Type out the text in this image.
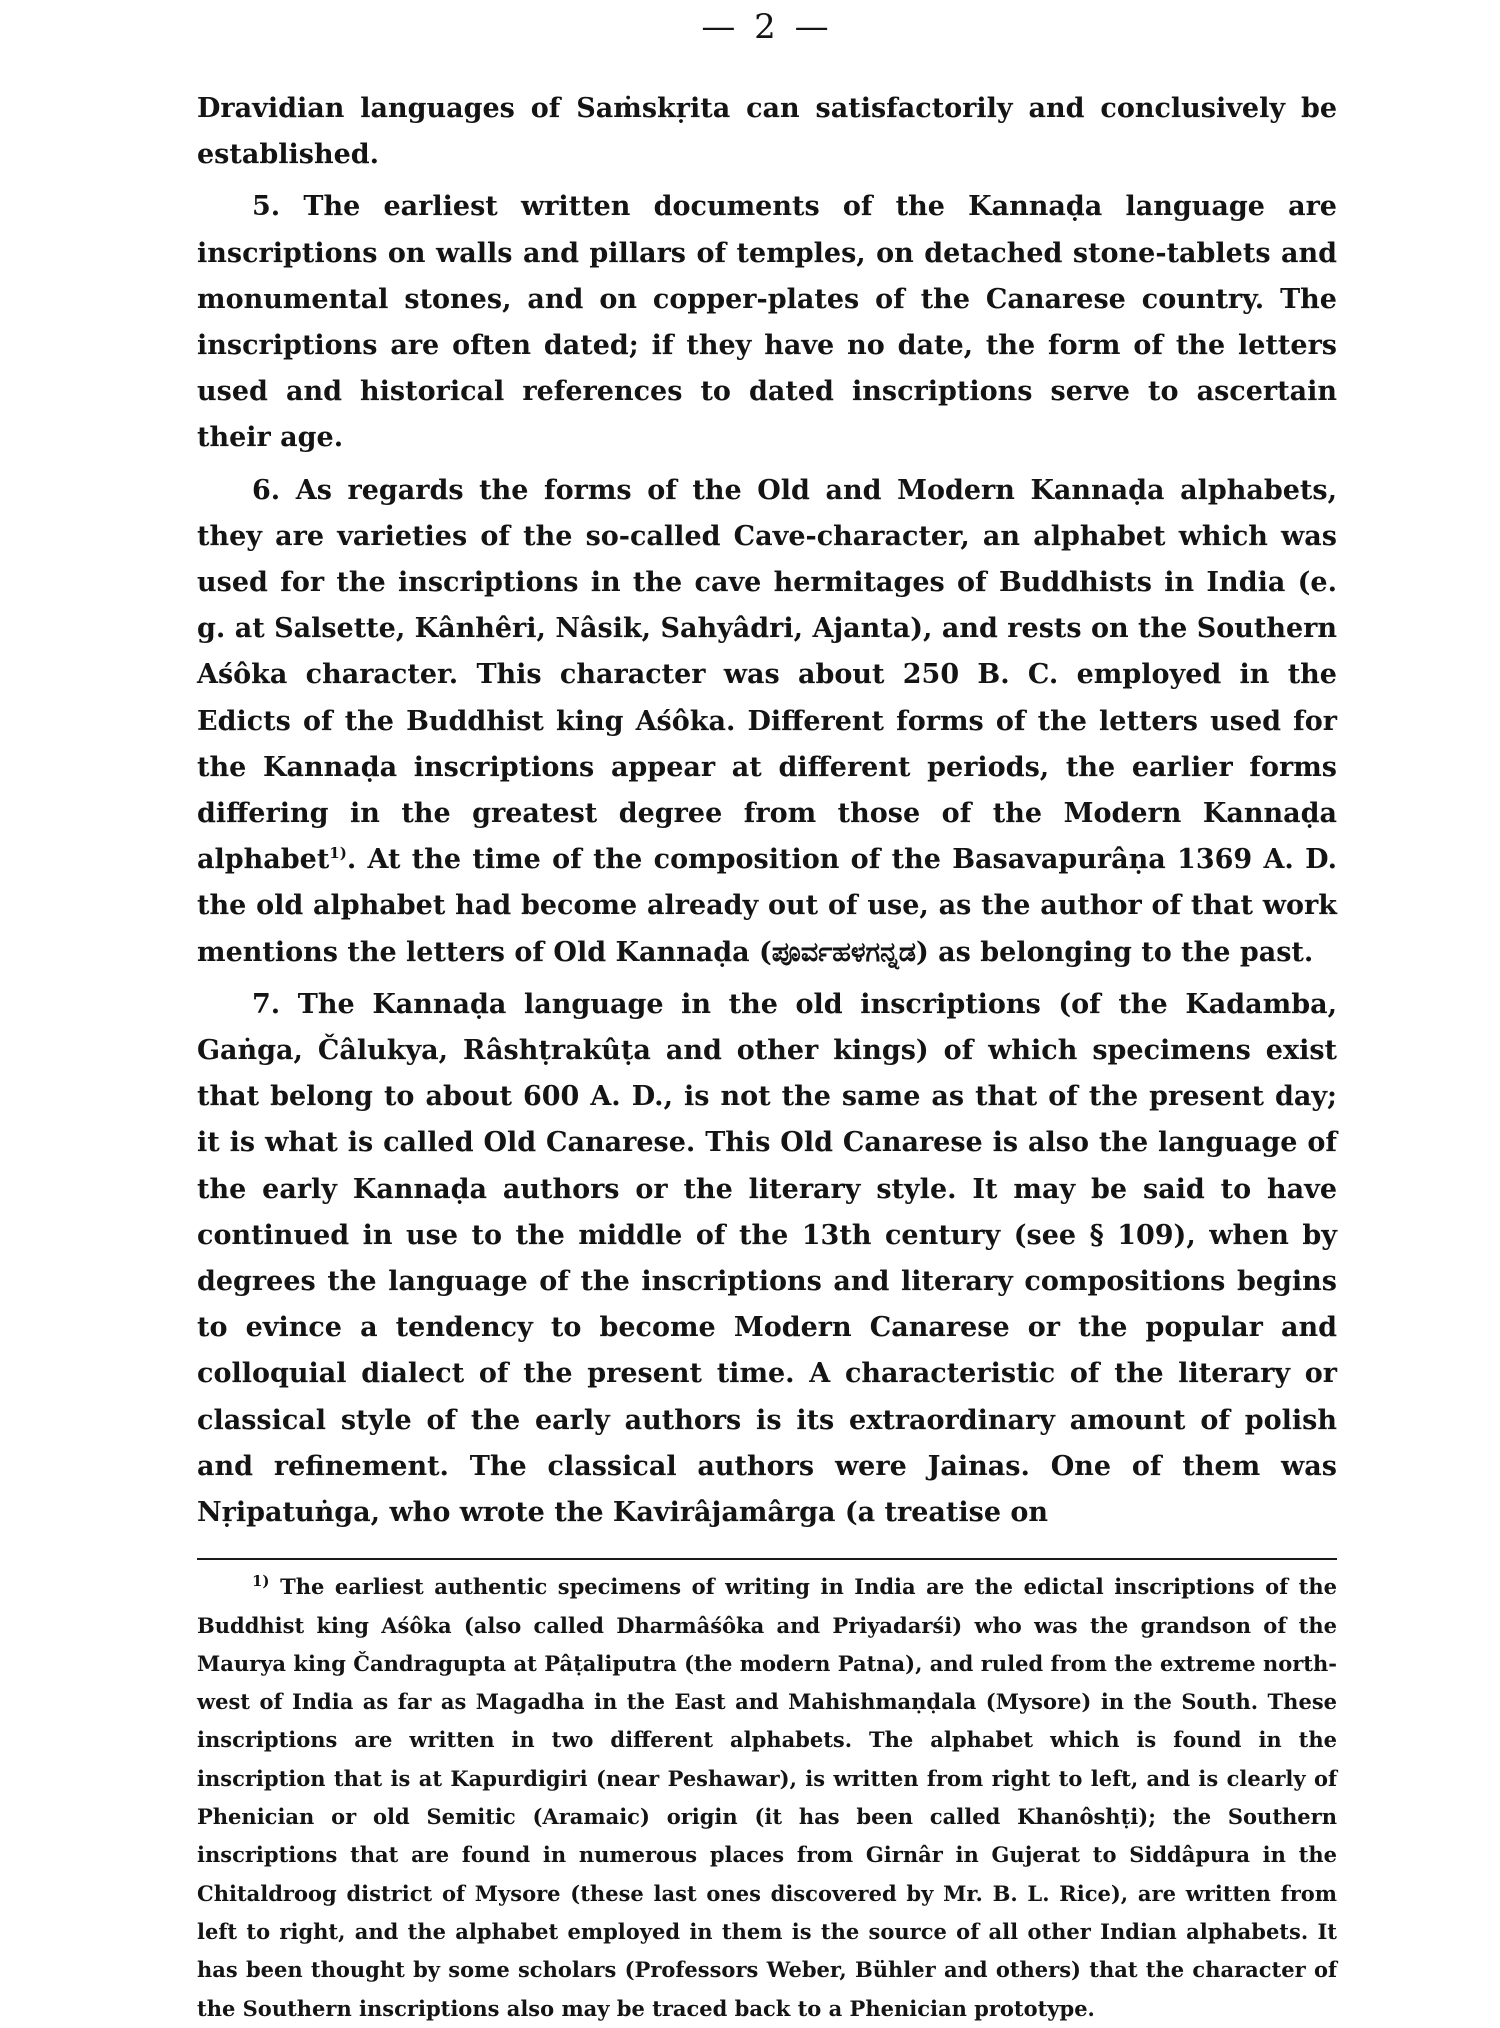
— 2 —

Dravidian languages of Saṁskṛita can satisfactorily and conclusively be established.

5. The earliest written documents of the Kannaḍa language are inscriptions on walls and pillars of temples, on detached stone-tablets and monumental stones, and on copper-plates of the Canarese country. The inscriptions are often dated; if they have no date, the form of the letters used and historical references to dated inscriptions serve to ascertain their age.

6. As regards the forms of the Old and Modern Kannaḍa alphabets, they are varieties of the so-called Cave-character, an alphabet which was used for the inscriptions in the cave hermitages of Buddhists in India (e. g. at Salsette, Kânhêri, Nâsik, Sahyâdri, Ajanta), and rests on the Southern Aśôka character. This character was about 250 B. C. employed in the Edicts of the Buddhist king Aśôka. Different forms of the letters used for the Kannaḍa inscriptions appear at different periods, the earlier forms differing in the greatest degree from those of the Modern Kannaḍa alphabet$^{1)}$. At the time of the composition of the Basavapurâṇa 1369 A. D. the old alphabet had become already out of use, as the author of that work mentions the letters of Old Kannaḍa (ಪೂರ್ವಹಳಗನ್ನಡ) as belonging to the past.

7. The Kannaḍa language in the old inscriptions (of the Kadamba, Gaṅga, Čâlukya, Râshṭrakûṭa and other kings) of which specimens exist that belong to about 600 A. D., is not the same as that of the present day; it is what is called Old Canarese. This Old Canarese is also the language of the early Kannaḍa authors or the literary style. It may be said to have continued in use to the middle of the 13th century (see § 109), when by degrees the language of the inscriptions and literary compositions begins to evince a tendency to become Modern Canarese or the popular and colloquial dialect of the present time. A characteristic of the literary or classical style of the early authors is its extraordinary amount of polish and refinement. The classical authors were Jainas. One of them was Nṛipatuṅga, who wrote the Kavirâjamârga (a treatise on

$^{1)}$ The earliest authentic specimens of writing in India are the edictal inscriptions of the Buddhist king Aśôka (also called Dharmâśôka and Priyadarśi) who was the grandson of the Maurya king Čandragupta at Pâṭaliputra (the modern Patna), and ruled from the extreme north-west of India as far as Magadha in the East and Mahishmaṇḍala (Mysore) in the South. These inscriptions are written in two different alphabets. The alphabet which is found in the inscription that is at Kapurdigiri (near Peshawar), is written from right to left, and is clearly of Phenician or old Semitic (Aramaic) origin (it has been called Khanôshṭi); the Southern inscriptions that are found in numerous places from Girnâr in Gujerat to Siddâpura in the Chitaldroog district of Mysore (these last ones discovered by Mr. B. L. Rice), are written from left to right, and the alphabet employed in them is the source of all other Indian alphabets. It has been thought by some scholars (Professors Weber, Bühler and others) that the character of the Southern inscriptions also may be traced back to a Phenician prototype.
